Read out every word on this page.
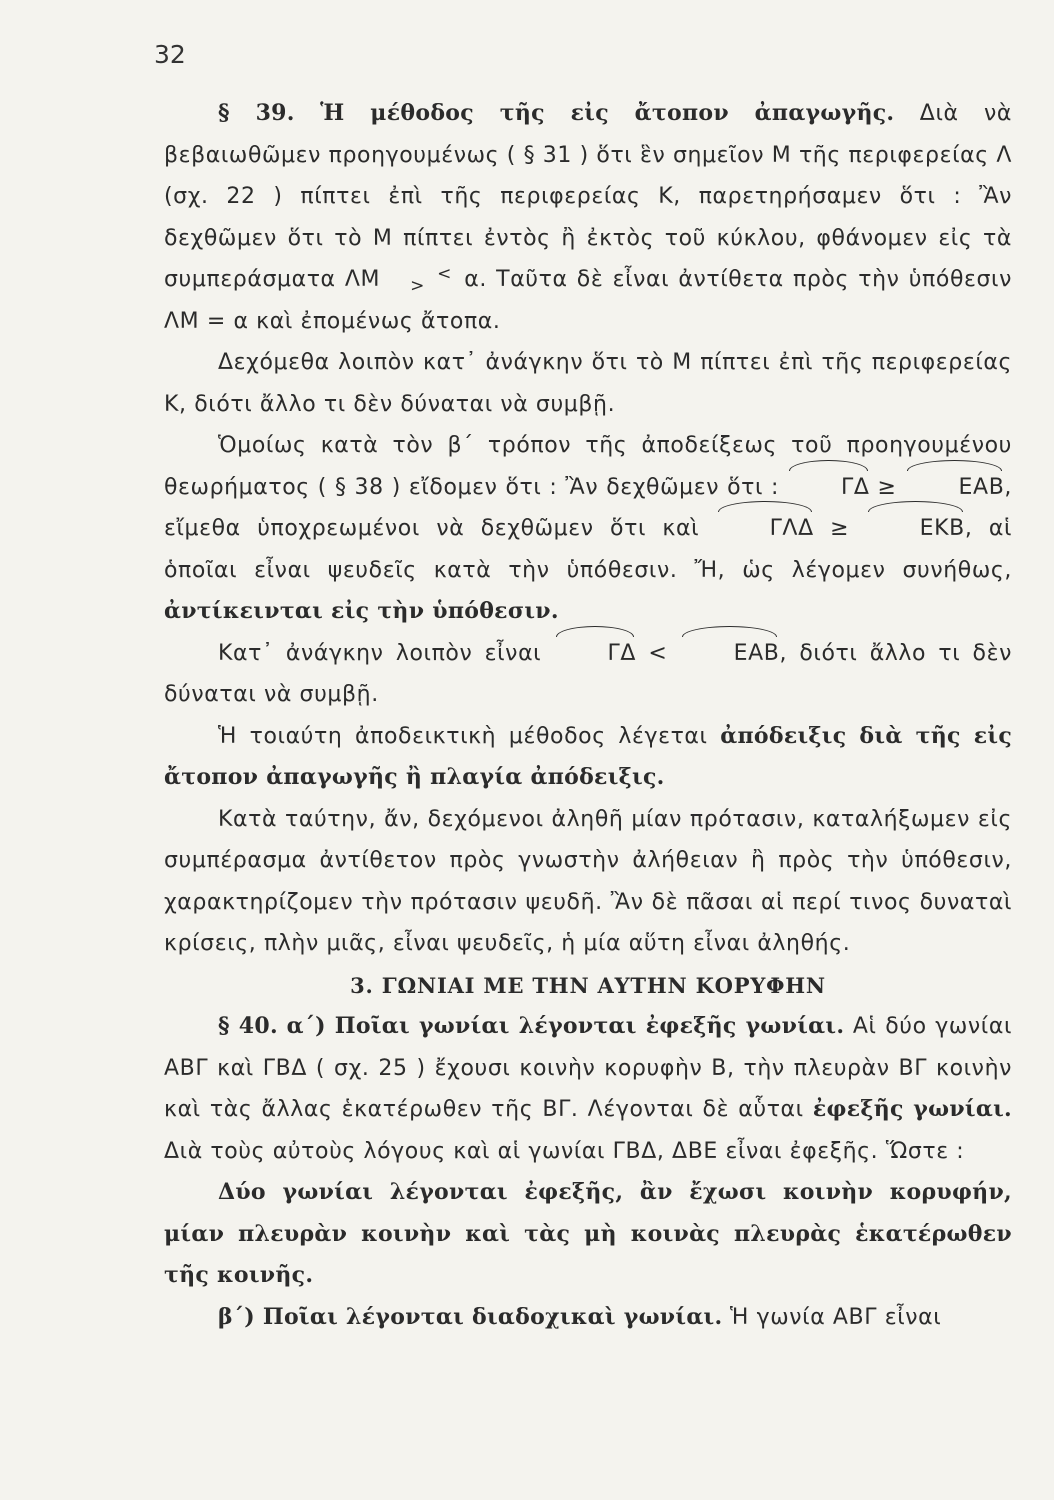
32

§ 39. Ἡ μέθοδος τῆς εἰς ἄτοπον ἀπαγωγῆς. Διὰ νὰ βεβαιωθῶμεν προηγουμένως ( § 31 ) ὅτι ἓν σημεῖον Μ τῆς περιφερείας Λ (σχ. 22 ) πίπτει ἐπὶ τῆς περιφερείας Κ, παρετηρήσαμεν ὅτι : Ἂν δεχθῶμεν ὅτι τὸ Μ πίπτει ἐντὸς ἢ ἐκτὸς τοῦ κύκλου, φθάνομεν εἰς τὰ συμπεράσματα ΛΜ	<
> α. Ταῦτα δὲ εἶναι ἀντίθετα πρὸς τὴν ὑπόθεσιν ΛΜ = α καὶ ἐπομένως ἄτοπα.

Δεχόμεθα λοιπὸν κατ᾽ ἀνάγκην ὅτι τὸ Μ πίπτει ἐπὶ τῆς περιφερείας Κ, διότι ἄλλο τι δὲν δύναται νὰ συμβῇ.

Ὁμοίως κατὰ τὸν β΄ τρόπον τῆς ἀποδείξεως τοῦ προηγουμένου θεωρήματος ( § 38 ) εἴδομεν ὅτι : Ἂν δεχθῶμεν ὅτι : ΓΔ ≥ ΕΑΒ, εἴμεθα ὑποχρεωμένοι νὰ δεχθῶμεν ὅτι καὶ ΓΛΔ ≥ ΕΚΒ, αἱ ὁποῖαι εἶναι ψευδεῖς κατὰ τὴν ὑπόθεσιν. Ἤ, ὡς λέγομεν συνήθως, ἀντίκεινται εἰς τὴν ὑπόθεσιν.

Κατ᾽ ἀνάγκην λοιπὸν εἶναι ΓΔ < ΕΑΒ, διότι ἄλλο τι δὲν δύναται νὰ συμβῇ.

Ἡ τοιαύτη ἀποδεικτικὴ μέθοδος λέγεται ἀπόδειξις διὰ τῆς εἰς ἄτοπον ἀπαγωγῆς ἢ πλαγία ἀπόδειξις.

Κατὰ ταύτην, ἄν, δεχόμενοι ἀληθῆ μίαν πρότασιν, καταλήξωμεν εἰς συμπέρασμα ἀντίθετον πρὸς γνωστὴν ἀλήθειαν ἢ πρὸς τὴν ὑπόθεσιν, χαρακτηρίζομεν τὴν πρότασιν ψευδῆ. Ἂν δὲ πᾶσαι αἱ περί τινος δυναταὶ κρίσεις, πλὴν μιᾶς, εἶναι ψευδεῖς, ἡ μία αὕτη εἶναι ἀληθής.

3. ΓΩΝΙΑΙ ΜΕ ΤΗΝ ΑΥΤΗΝ ΚΟΡΥΦΗΝ

§ 40. α΄) Ποῖαι γωνίαι λέγονται ἐφεξῆς γωνίαι. Αἱ δύο γωνίαι ΑΒΓ καὶ ΓΒΔ ( σχ. 25 ) ἔχουσι κοινὴν κορυφὴν Β, τὴν πλευρὰν ΒΓ κοινὴν καὶ τὰς ἄλλας ἑκατέρωθεν τῆς ΒΓ. Λέγονται δὲ αὗται ἐφεξῆς γωνίαι. Διὰ τοὺς αὐτοὺς λόγους καὶ αἱ γωνίαι ΓΒΔ, ΔΒΕ εἶναι ἐφεξῆς. Ὥστε :

Δύο γωνίαι λέγονται ἐφεξῆς, ἂν ἔχωσι κοινὴν κορυφήν, μίαν πλευρὰν κοινὴν καὶ τὰς μὴ κοινὰς πλευρὰς ἑκατέρωθεν τῆς κοινῆς.

β΄) Ποῖαι λέγονται διαδοχικαὶ γωνίαι. Ἡ γωνία ΑΒΓ εἶναι
